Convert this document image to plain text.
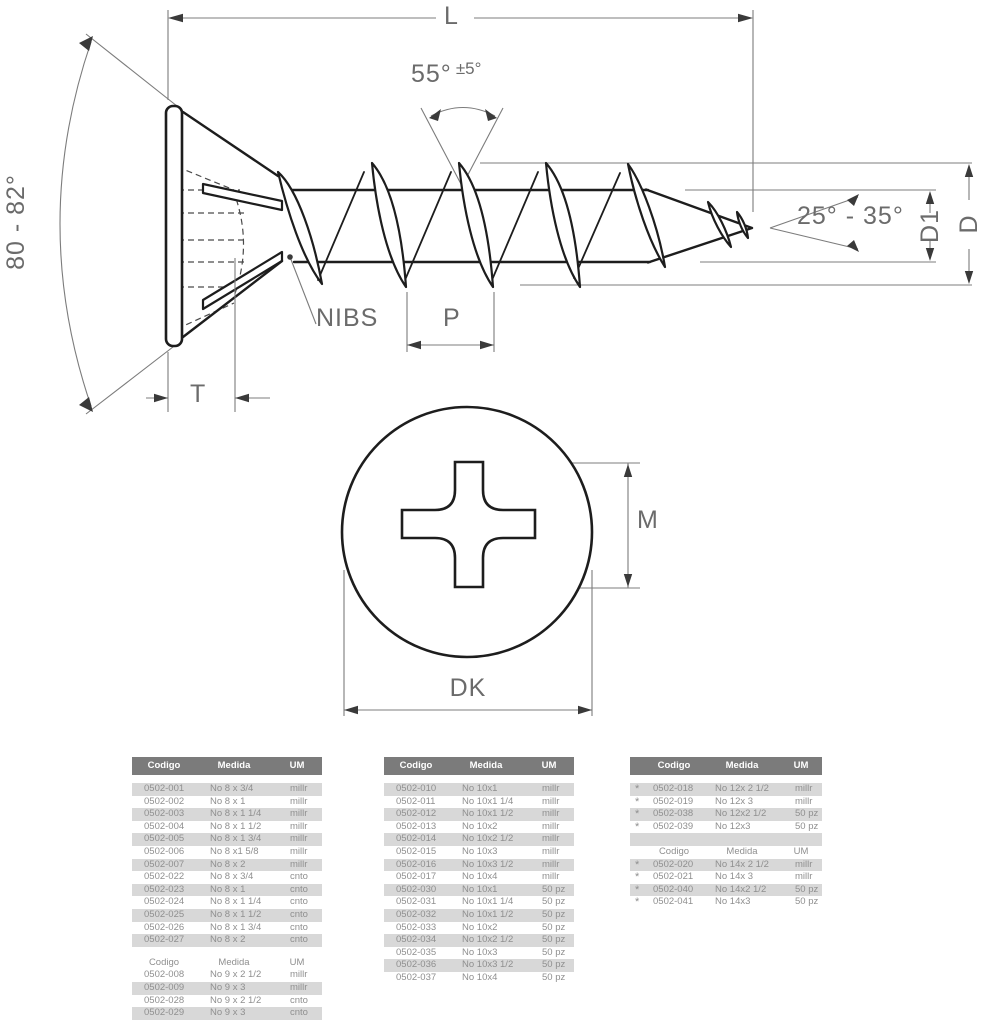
L
55° $^{\pm 5^\circ}$
80 - 82°
NIBS	P
T
25° - 35° D1 D
M
DK
Codigo	Medida	UM
0502-001	No 8 x 3/4	millr
0502-002	No 8 x 1	millr
0502-003	No 8 x 1 1/4	millr
0502-004	No 8 x 1 1/2	millr
0502-005	No 8 x 1 3/4	millr
0502-006	No 8 x1 5/8	millr
0502-007	No 8 x 2	millr
0502-022	No 8 x 3/4	cnto
0502-023	No 8 x 1	cnto
0502-024	No 8 x 1 1/4	cnto
0502-025	No 8 x 1 1/2	cnto
0502-026	No 8 x 1 3/4	cnto
0502-027	No 8 x 2	cnto
Codigo	Medida	UM
0502-008	No 9 x 2 1/2	millr
0502-009	No 9 x 3	millr
0502-028	No 9 x 2 1/2	cnto
0502-029	No 9 x 3	cnto
Codigo	Medida	UM
0502-010	No 10x1	millr
0502-011	No 10x1 1/4	millr
0502-012	No 10x1 1/2	millr
0502-013	No 10x2	millr
0502-014	No 10x2 1/2	millr
0502-015	No 10x3	millr
0502-016	No 10x3 1/2	millr
0502-017	No 10x4	millr
0502-030	No 10x1	50 pz
0502-031	No 10x1 1/4	50 pz
0502-032	No 10x1 1/2	50 pz
0502-033	No 10x2	50 pz
0502-034	No 10x2 1/2	50 pz
0502-035	No 10x3	50 pz
0502-036	No 10x3 1/2	50 pz
0502-037	No 10x4	50 pz
Codigo	Medida	UM
*	0502-018	No 12x 2 1/2	millr
*	0502-019	No 12x 3	millr
*	0502-038	No 12x2 1/2	50 pz
*	0502-039	No 12x3	50 pz
Codigo	Medida	UM
*	0502-020	No 14x 2 1/2	millr
*	0502-021	No 14x 3	millr
*	0502-040	No 14x2 1/2	50 pz
*	0502-041	No 14x3	50 pz
